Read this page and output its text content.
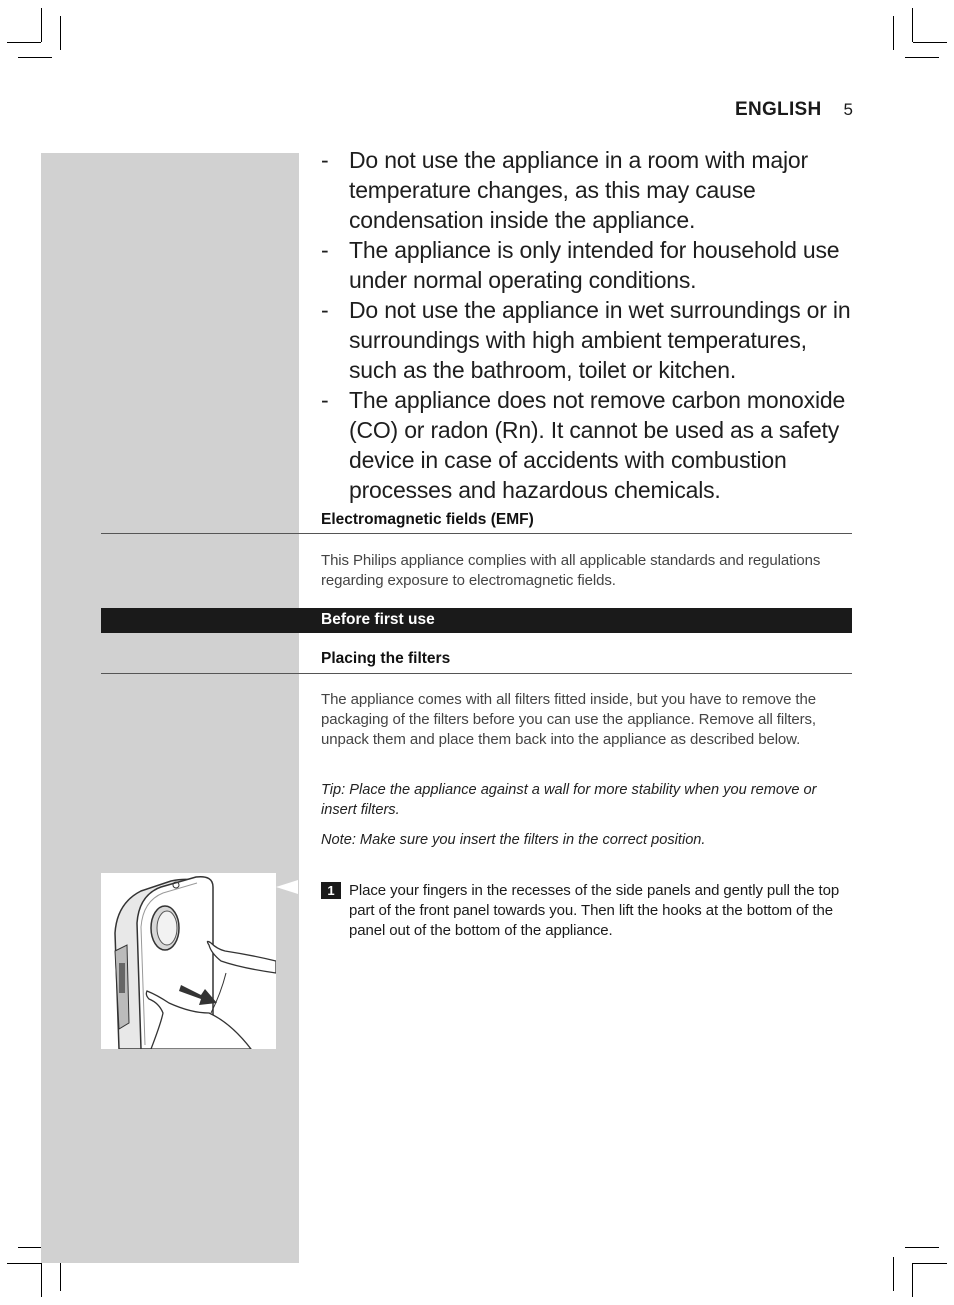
ENGLISH 5
- Do not use the appliance in a room with major temperature changes, as this may cause condensation inside the appliance.
- The appliance is only intended for household use under normal operating conditions.
- Do not use the appliance in wet surroundings or in surroundings with high ambient temperatures, such as the bathroom, toilet or kitchen.
- The appliance does not remove carbon monoxide (CO) or radon (Rn). It cannot be used as a safety device in case of accidents with combustion processes and hazardous chemicals.
Electromagnetic fields (EMF)

This Philips appliance complies with all applicable standards and regulations regarding exposure to electromagnetic fields.

Before first use
Placing the filters

The appliance comes with all filters fitted inside, but you have to remove the packaging of the filters before you can use the appliance. Remove all filters, unpack them and place them back into the appliance as described below.

Tip: Place the appliance against a wall for more stability when you remove or insert filters.

Note: Make sure you insert the filters in the correct position.

1 Place your fingers in the recesses of the side panels and gently pull the top part of the front panel towards you. Then lift the hooks at the bottom of the panel out of the bottom of the appliance.
